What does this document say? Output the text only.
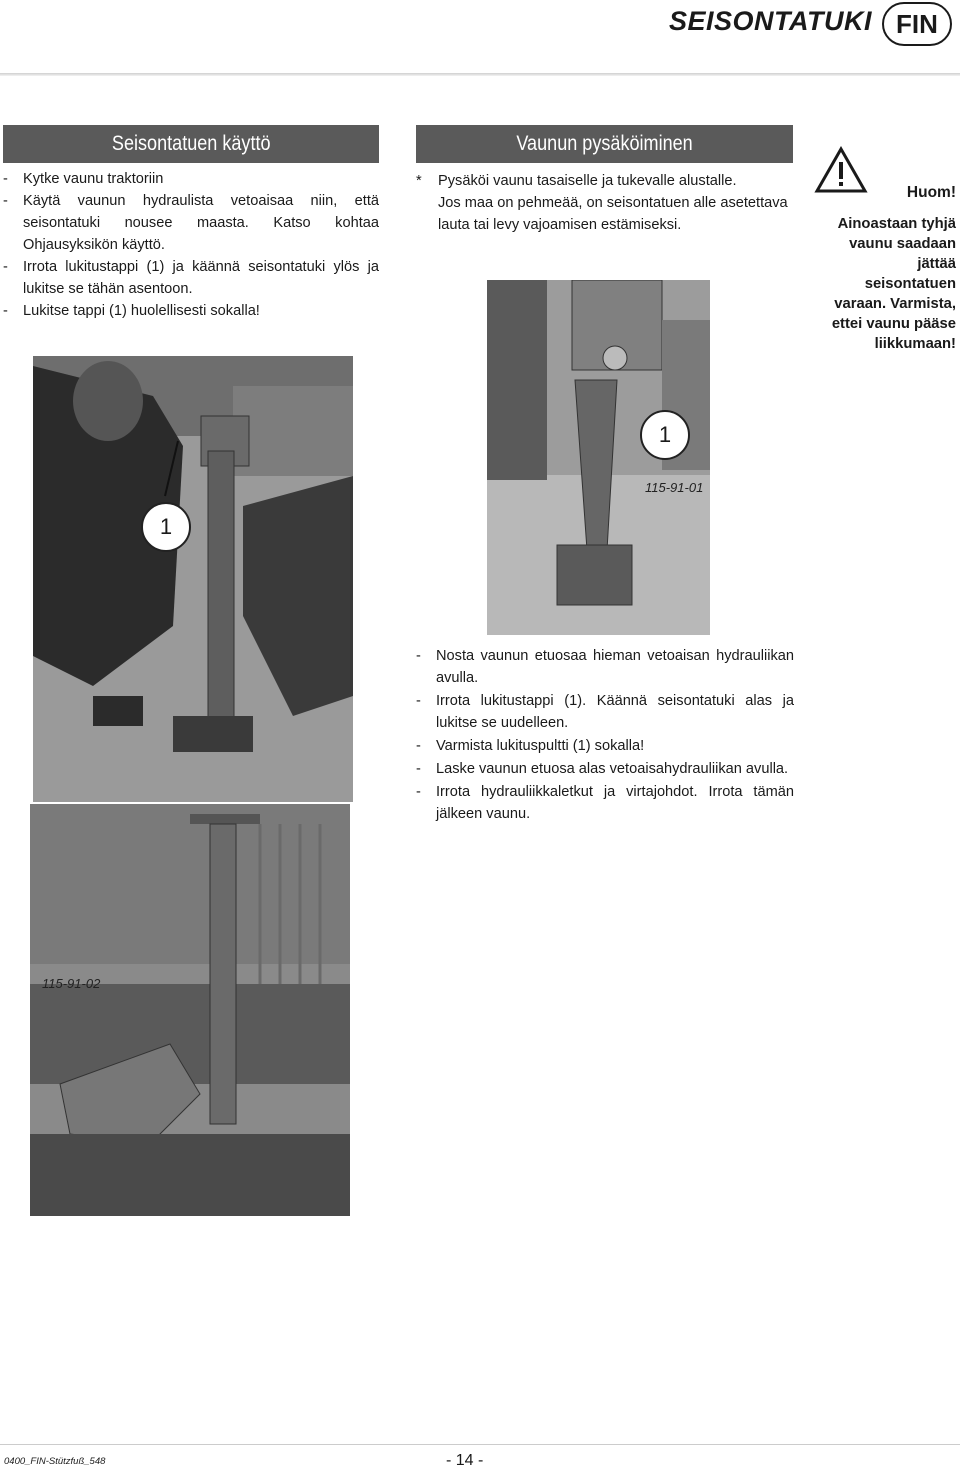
SEISONTATUKI FIN
Seisontatuen käyttö
- Kytke vaunu traktoriin
- Käytä vaunun hydraulista vetoaisaa niin, että seisontatuki nousee maasta. Katso kohtaa Ohjausyksikön käyttö.
- Irrota lukitustappi (1) ja käännä seisontatuki ylös ja lukitse se tähän asentoon.
- Lukitse tappi (1) huolellisesti sokalla!
1
115-91-02
Vaunun pysäköiminen
* Pysäköi vaunu tasaiselle ja tukevalle alustalle.
Jos maa on pehmeää, on seisontatuen alle asetettava lauta tai levy vajoamisen estämiseksi.
1
115-91-01
- Nosta vaunun etuosaa hieman vetoaisan hydrauliikan avulla.
- Irrota lukitustappi (1). Käännä seisontatuki alas ja lukitse se uudelleen.
- Varmista lukituspultti (1) sokalla!
- Laske vaunun etuosa alas vetoaisahydrauliikan avulla.
- Irrota hydrauliikkaletkut ja virtajohdot. Irrota tämän jälkeen vaunu.
Huom!
Ainoastaan tyhjä vaunu saadaan jättää seisontatuen varaan. Varmista, ettei vaunu pääse liikkumaan!
0400_FIN-Stützfuß_548	- 14 -
